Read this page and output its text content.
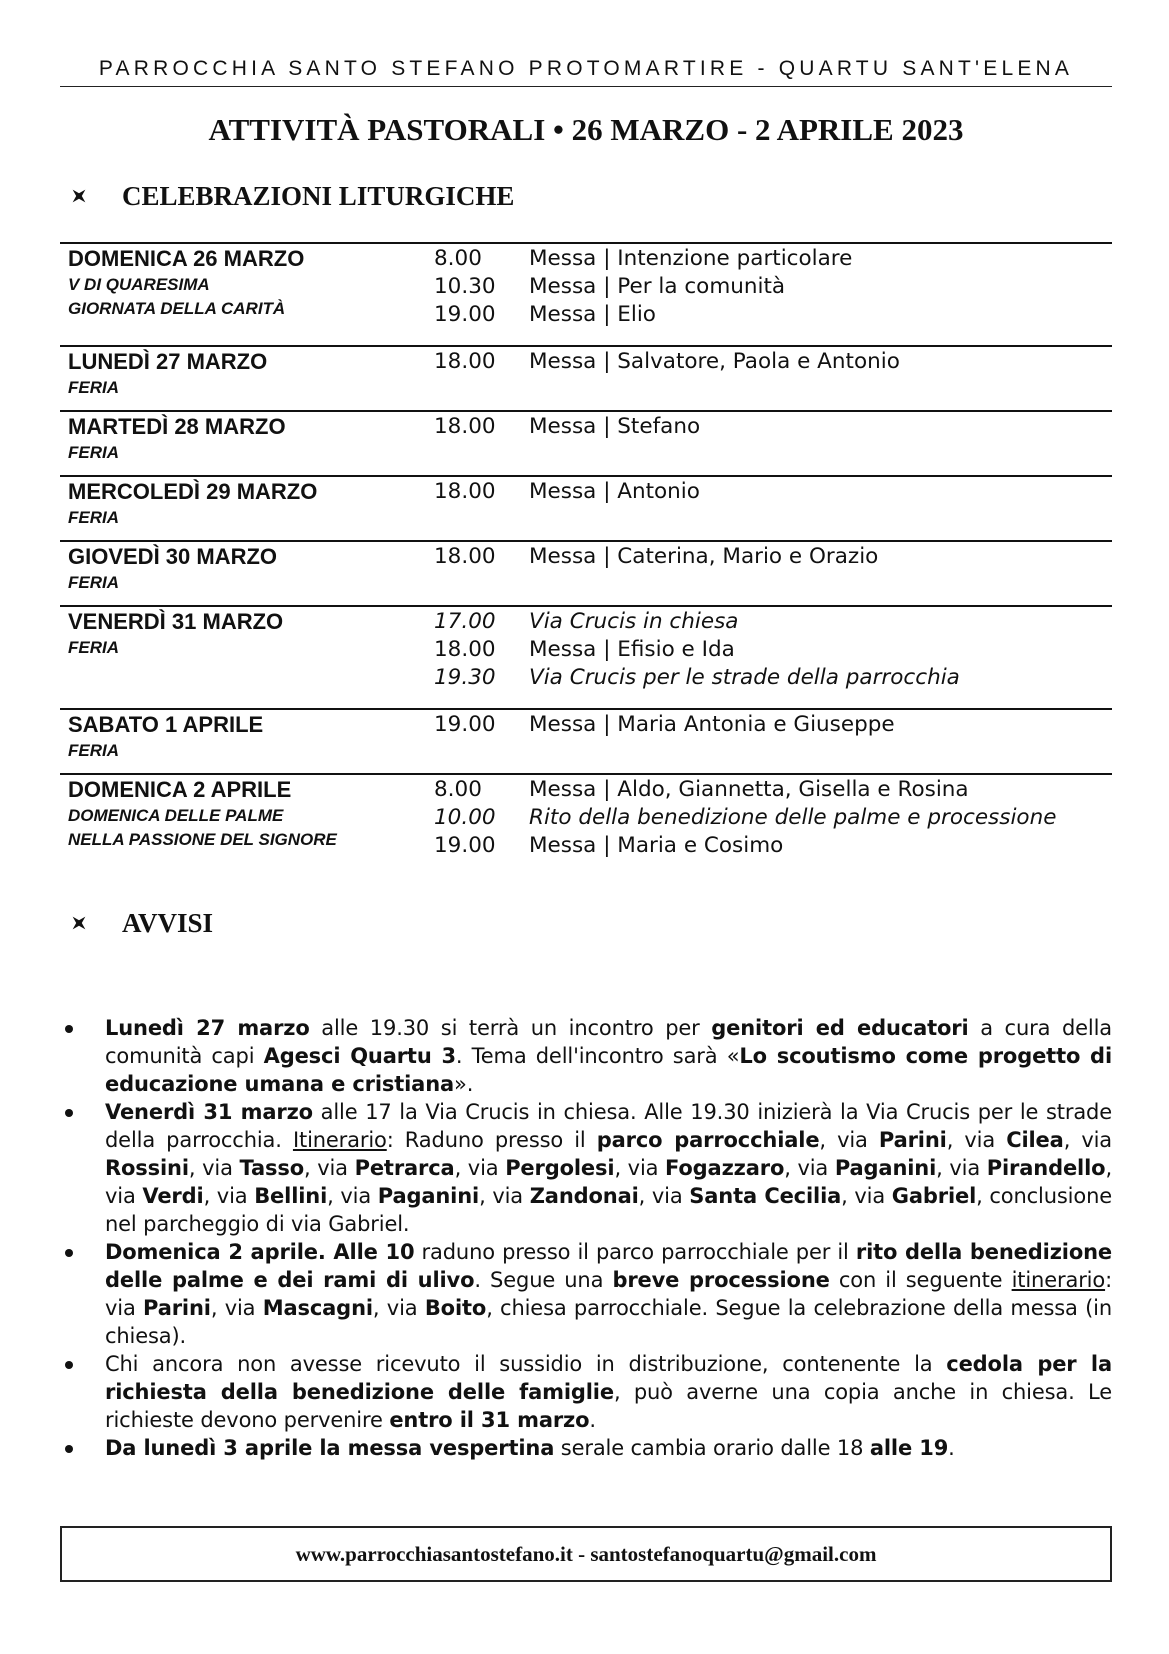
PARROCCHIA SANTO STEFANO PROTOMARTIRE - QUARTU SANT'ELENA
ATTIVITÀ PASTORALI • 26 MARZO - 2 APRILE 2023
CELEBRAZIONI LITURGICHE
DOMENICA 26 MARZO
V DI QUARESIMA
GIORNATA DELLA CARITÀ
8.00 Messa | Intenzione particolare
10.30 Messa | Per la comunità
19.00 Messa | Elio
LUNEDÌ 27 MARZO
FERIA
18.00 Messa | Salvatore, Paola e Antonio
MARTEDÌ 28 MARZO
FERIA
18.00 Messa | Stefano
MERCOLEDÌ 29 MARZO
FERIA
18.00 Messa | Antonio
GIOVEDÌ 30 MARZO
FERIA
18.00 Messa | Caterina, Mario e Orazio
VENERDÌ 31 MARZO
FERIA
17.00 Via Crucis in chiesa
18.00 Messa | Efisio e Ida
19.30 Via Crucis per le strade della parrocchia
SABATO 1 APRILE
FERIA
19.00 Messa | Maria Antonia e Giuseppe
DOMENICA 2 APRILE
DOMENICA DELLE PALME
NELLA PASSIONE DEL SIGNORE
8.00 Messa | Aldo, Giannetta, Gisella e Rosina
10.00 Rito della benedizione delle palme e processione
19.00 Messa | Maria e Cosimo
AVVISI
Lunedì 27 marzo alle 19.30 si terrà un incontro per genitori ed educatori a cura della comunità capi Agesci Quartu 3. Tema dell'incontro sarà «Lo scoutismo come progetto di educazione umana e cristiana».
Venerdì 31 marzo alle 17 la Via Crucis in chiesa. Alle 19.30 inizierà la Via Crucis per le strade della parrocchia. Itinerario: Raduno presso il parco parrocchiale, via Parini, via Cilea, via Rossini, via Tasso, via Petrarca, via Pergolesi, via Fogazzaro, via Paganini, via Pirandello, via Verdi, via Bellini, via Paganini, via Zandonai, via Santa Cecilia, via Gabriel, conclusione nel parcheggio di via Gabriel.
Domenica 2 aprile. Alle 10 raduno presso il parco parrocchiale per il rito della benedizione delle palme e dei rami di ulivo. Segue una breve processione con il seguente itinerario: via Parini, via Mascagni, via Boito, chiesa parrocchiale. Segue la celebrazione della messa (in chiesa).
Chi ancora non avesse ricevuto il sussidio in distribuzione, contenente la cedola per la richiesta della benedizione delle famiglie, può averne una copia anche in chiesa. Le richieste devono pervenire entro il 31 marzo.
Da lunedì 3 aprile la messa vespertina serale cambia orario dalle 18 alle 19.
www.parrocchiasantostefano.it - santostefanoquartu@gmail.com
